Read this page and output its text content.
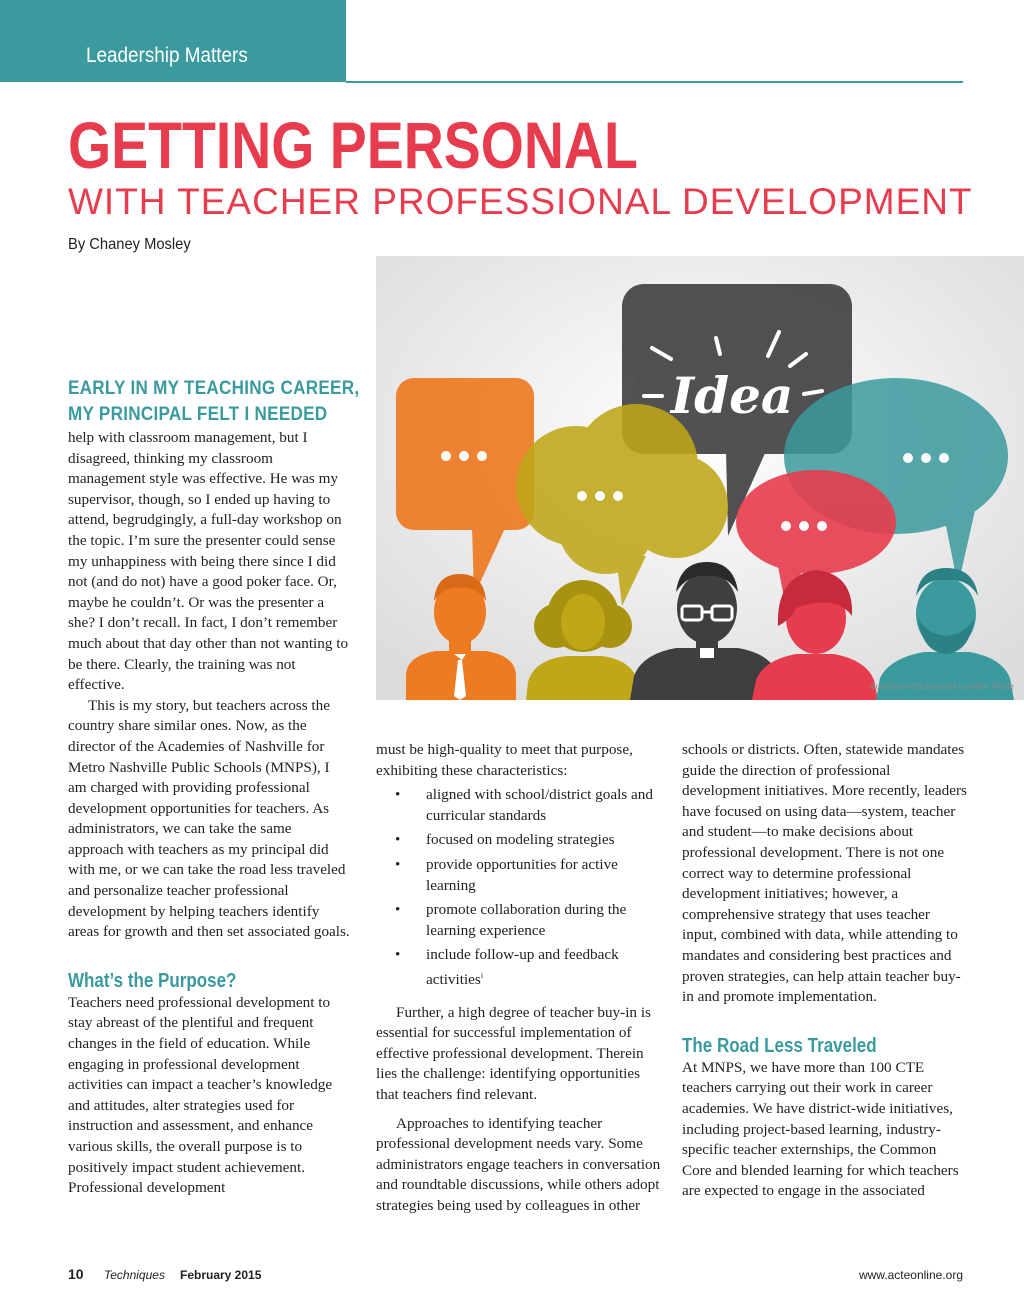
Leadership Matters
GETTING PERSONAL
WITH TEACHER PROFESSIONAL DEVELOPMENT
By Chaney Mosley
Idea
Illustration©Shutterstock.com/Ittie Whale
EARLY IN MY TEACHING CAREER,
MY PRINCIPAL FELT I NEEDED

help with classroom management, but I disagreed, thinking my classroom management style was effective. He was my supervisor, though, so I ended up having to attend, begrudgingly, a full-day workshop on the topic. I’m sure the presenter could sense my unhappiness with being there since I did not (and do not) have a good poker face. Or, maybe he couldn’t. Or was the presenter a she? I don’t recall. In fact, I don’t remember much about that day other than not wanting to be there. Clearly, the training was not effective.

This is my story, but teachers across the country share similar ones. Now, as the director of the Academies of Nashville for Metro Nashville Public Schools (MNPS), I am charged with providing professional development opportunities for teachers. As administrators, we can take the same approach with teachers as my principal did with me, or we can take the road less traveled and personalize teacher professional development by helping teachers identify areas for growth and then set associated goals.

What’s the Purpose?

Teachers need professional development to stay abreast of the plentiful and frequent changes in the field of education. While engaging in professional development activities can impact a teacher’s knowledge and attitudes, alter strategies used for instruction and assessment, and enhance various skills, the overall purpose is to positively impact student achievement. Professional development

must be high-quality to meet that purpose, exhibiting these characteristics:

• aligned with school/district goals and curricular standards
• focused on modeling strategies
• provide opportunities for active learning
• promote collaboration during the learning experience
• include follow-up and feedback activities$^i$

Further, a high degree of teacher buy-in is essential for successful implementation of effective professional development. Therein lies the challenge: identifying opportunities that teachers find relevant.

Approaches to identifying teacher professional development needs vary. Some administrators engage teachers in conversation and roundtable discussions, while others adopt strategies being used by colleagues in other

schools or districts. Often, statewide mandates guide the direction of professional development initiatives. More recently, leaders have focused on using data—system, teacher and student—to make decisions about professional development. There is not one correct way to determine professional development initiatives; however, a comprehensive strategy that uses teacher input, combined with data, while attending to mandates and considering best practices and proven strategies, can help attain teacher buy-in and promote implementation.

The Road Less Traveled

At MNPS, we have more than 100 CTE teachers carrying out their work in career academies. We have district-wide initiatives, including project-based learning, industry-specific teacher externships, the Common Core and blended learning for which teachers are expected to engage in the associated

10 Techniques February 2015	www.acteonline.org
